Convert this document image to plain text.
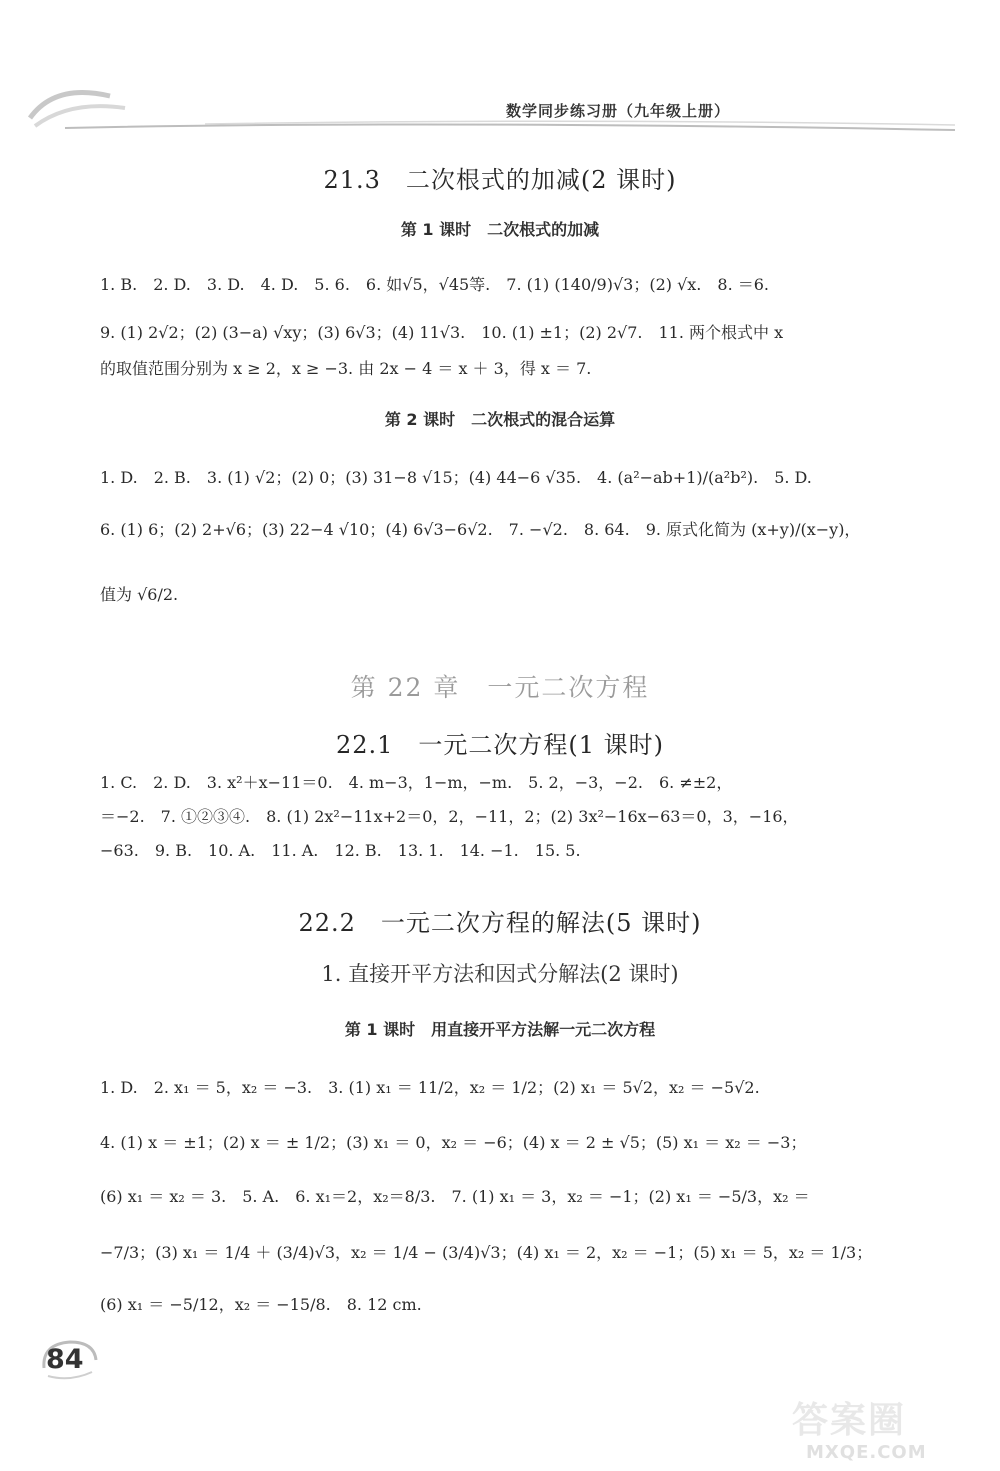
数学同步练习册（九年级上册）
21.3　二次根式的加减(2 课时)
第 1 课时　二次根式的加减
1. B.　2. D.　3. D.　4. D.　5. 6.　6. 如√5，√45等.　7. (1) (140/9)√3；(2) √x.　8. ＝6.
9. (1) 2√2；(2) (3−a) √xy；(3) 6√3；(4) 11√3.　10. (1) ±1；(2) 2√7.　11. 两个根式中 x
的取值范围分别为 x ≥ 2，x ≥ −3. 由 2x − 4 ＝ x ＋ 3，得 x ＝ 7.
第 2 课时　二次根式的混合运算
1. D.　2. B.　3. (1) √2；(2) 0；(3) 31−8 √15；(4) 44−6 √35.　4. (a²−ab+1)/(a²b²).　5. D.
6. (1) 6；(2) 2+√6；(3) 22−4 √10；(4) 6√3−6√2.　7. −√2.　8. 64.　9. 原式化简为 (x+y)/(x−y)，
值为 √6/2.
第 22 章　一元二次方程
22.1　一元二次方程(1 课时)
1. C.　2. D.　3. x²＋x−11＝0.　4. m−3，1−m，−m.　5. 2，−3，−2.　6. ≠±2，
＝−2.　7. ①②③④.　8. (1) 2x²−11x+2＝0，2，−11，2；(2) 3x²−16x−63＝0，3，−16，
−63.　9. B.　10. A.　11. A.　12. B.　13. 1.　14. −1.　15. 5.
22.2　一元二次方程的解法(5 课时)
1. 直接开平方法和因式分解法(2 课时)
第 1 课时　用直接开平方法解一元二次方程
1. D.　2. x₁ ＝ 5，x₂ ＝ −3.　3. (1) x₁ ＝ 11/2，x₂ ＝ 1/2；(2) x₁ ＝ 5√2，x₂ ＝ −5√2.
4. (1) x ＝ ±1；(2) x ＝ ± 1/2；(3) x₁ ＝ 0，x₂ ＝ −6；(4) x ＝ 2 ± √5；(5) x₁ ＝ x₂ ＝ −3；
(6) x₁ ＝ x₂ ＝ 3.　5. A.　6. x₁＝2，x₂＝8/3.　7. (1) x₁ ＝ 3，x₂ ＝ −1；(2) x₁ ＝ −5/3，x₂ ＝
−7/3；(3) x₁ ＝ 1/4 ＋ (3/4)√3，x₂ ＝ 1/4 − (3/4)√3；(4) x₁ ＝ 2，x₂ ＝ −1；(5) x₁ ＝ 5，x₂ ＝ 1/3；
(6) x₁ ＝ −5/12，x₂ ＝ −15/8.　8. 12 cm.
84
答案圈
MXQE.COM
